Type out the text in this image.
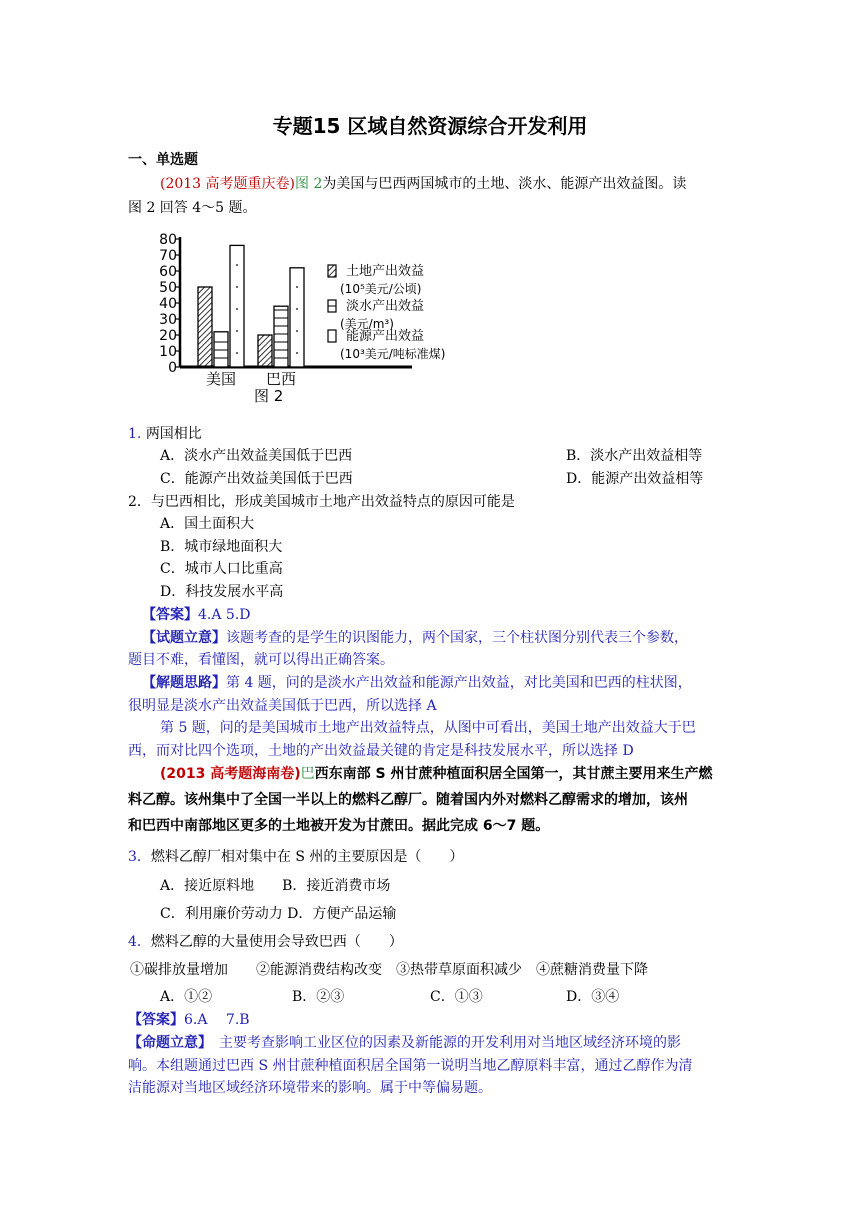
专题15 区域自然资源综合开发利用
一、单选题
(2013 高考题重庆卷)图 2为美国与巴西两国城市的土地、淡水、能源产出效益图。读
图 2 回答 4～5 题。
80
70
60
50
40
30
20
10
0
美国 巴西
土地产出效益
(10⁵美元/公顷)
淡水产出效益
(美元/m³)
能源产出效益
(10³美元/吨标准煤)
图 2
1. 两国相比
A．淡水产出效益美国低于巴西	B．淡水产出效益相等
C．能源产出效益美国低于巴西	D．能源产出效益相等
2．与巴西相比，形成美国城市土地产出效益特点的原因可能是
A．国土面积大
B．城市绿地面积大
C．城市人口比重高
D．科技发展水平高
【答案】4.A 5.D
【试题立意】该题考查的是学生的识图能力，两个国家，三个柱状图分别代表三个参数，
题目不难，看懂图，就可以得出正确答案。
【解题思路】第 4 题，问的是淡水产出效益和能源产出效益，对比美国和巴西的柱状图，
很明显是淡水产出效益美国低于巴西，所以选择 A
第 5 题，问的是美国城市土地产出效益特点，从图中可看出，美国土地产出效益大于巴
西，而对比四个选项，土地的产出效益最关键的肯定是科技发展水平，所以选择 D
(2013 高考题海南卷)巴西东南部 S 州甘蔗种植面积居全国第一，其甘蔗主要用来生产燃
料乙醇。该州集中了全国一半以上的燃料乙醇厂。随着国内外对燃料乙醇需求的增加，该州
和巴西中南部地区更多的土地被开发为甘蔗田。据此完成 6～7 题。
3．燃料乙醇厂相对集中在 S 州的主要原因是（　　）
A．接近原料地　　B．接近消费市场
C．利用廉价劳动力 D．方便产品运输
4．燃料乙醇的大量使用会导致巴西（　　）
①碳排放量增加　　②能源消费结构改变　③热带草原面积减少　④蔗糖消费量下降
A．①②	B．②③	C．①③	D．③④
【答案】6.A　 7.B
【命题立意】　主要考查影响工业区位的因素及新能源的开发利用对当地区域经济环境的影
响。本组题通过巴西 S 州甘蔗种植面积居全国第一说明当地乙醇原料丰富，通过乙醇作为清
洁能源对当地区域经济环境带来的影响。属于中等偏易题。
